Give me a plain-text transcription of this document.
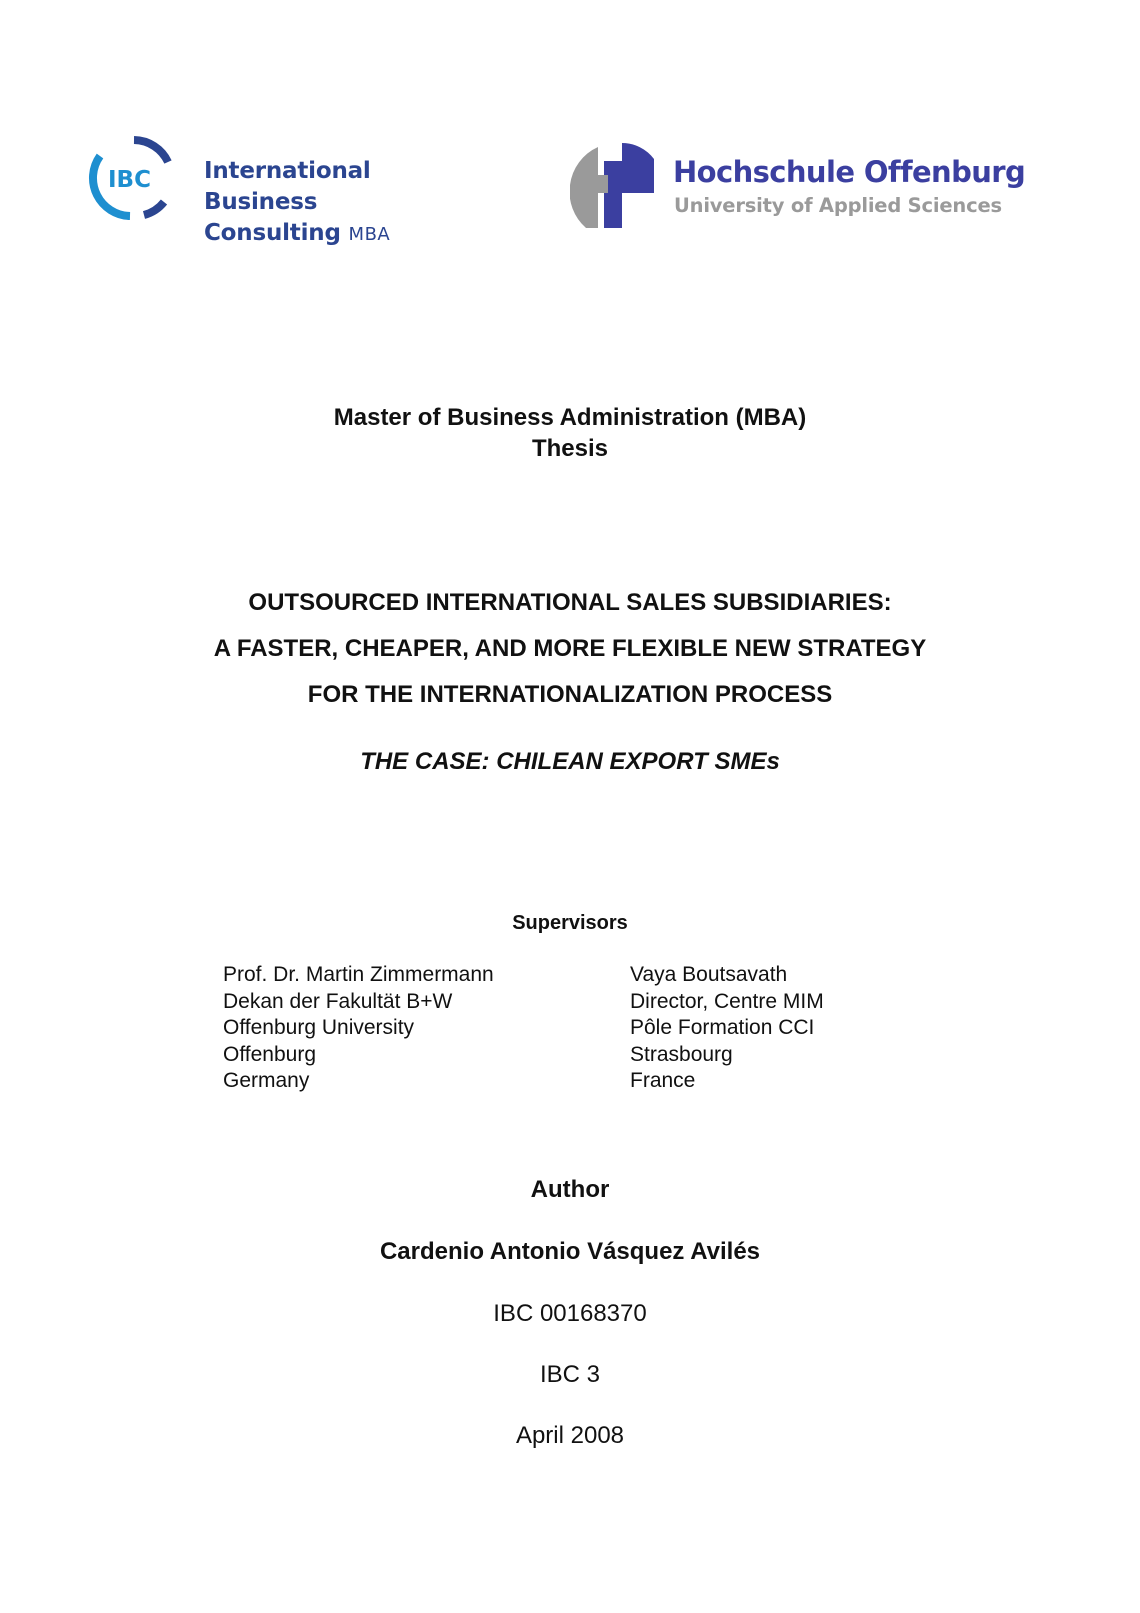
IBC International Business
Consulting MBA
Hochschule Offenburg
University of Applied Sciences
Master of Business Administration (MBA)
Thesis
OUTSOURCED INTERNATIONAL SALES SUBSIDIARIES:
A FASTER, CHEAPER, AND MORE FLEXIBLE NEW STRATEGY
FOR THE INTERNATIONALIZATION PROCESS
THE CASE: CHILEAN EXPORT SMEs
Supervisors
Prof. Dr. Martin Zimmermann
Dekan der Fakultät B+W
Offenburg University
Offenburg
Germany
Vaya Boutsavath
Director, Centre MIM
Pôle Formation CCI
Strasbourg
France
Author
Cardenio Antonio Vásquez Avilés
IBC 00168370
IBC 3
April 2008
